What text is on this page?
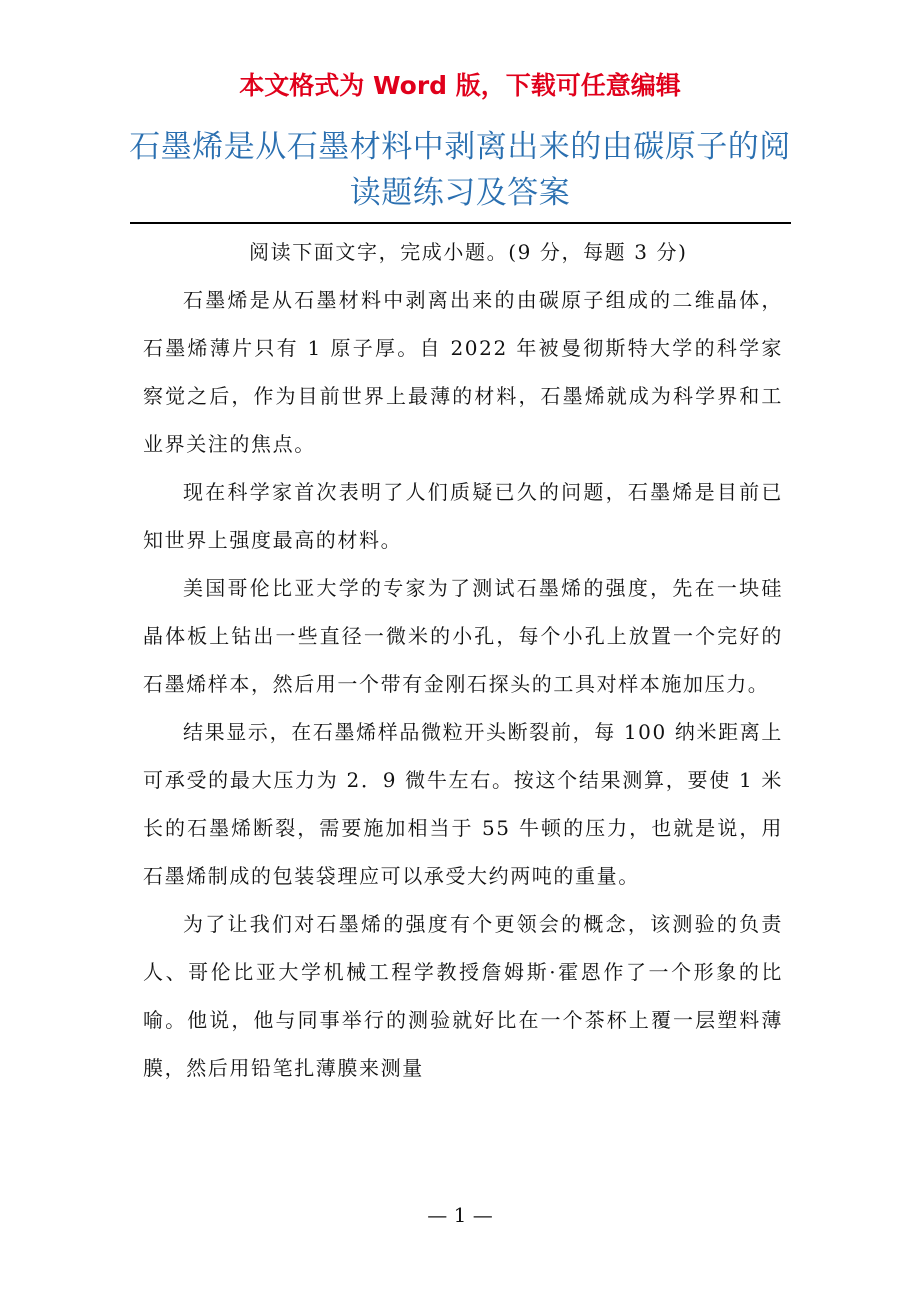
本文格式为 Word 版，下载可任意编辑
石墨烯是从石墨材料中剥离出来的由碳原子的阅读题练习及答案

阅读下面文字，完成小题。(9 分，每题 3 分)

石墨烯是从石墨材料中剥离出来的由碳原子组成的二维晶体，石墨烯薄片只有 1 原子厚。自 2022 年被曼彻斯特大学的科学家察觉之后，作为目前世界上最薄的材料，石墨烯就成为科学界和工业界关注的焦点。

现在科学家首次表明了人们质疑已久的问题，石墨烯是目前已知世界上强度最高的材料。

美国哥伦比亚大学的专家为了测试石墨烯的强度，先在一块硅晶体板上钻出一些直径一微米的小孔，每个小孔上放置一个完好的石墨烯样本，然后用一个带有金刚石探头的工具对样本施加压力。

结果显示，在石墨烯样品微粒开头断裂前，每 100 纳米距离上可承受的最大压力为 2．9 微牛左右。按这个结果测算，要使 1 米长的石墨烯断裂，需要施加相当于 55 牛顿的压力，也就是说，用石墨烯制成的包装袋理应可以承受大约两吨的重量。

为了让我们对石墨烯的强度有个更领会的概念，该测验的负责人、哥伦比亚大学机械工程学教授詹姆斯·霍恩作了一个形象的比喻。他说，他与同事举行的测验就好比在一个茶杯上覆一层塑料薄膜，然后用铅笔扎薄膜来测量

— 1 —
